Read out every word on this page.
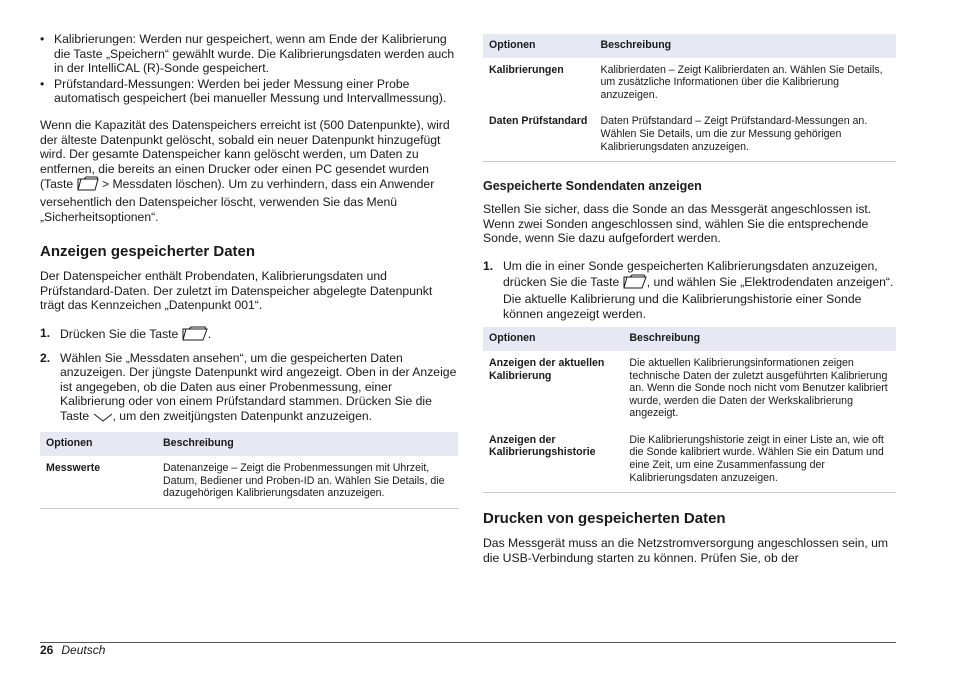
• Kalibrierungen: Werden nur gespeichert, wenn am Ende der Kalibrierung die Taste „Speichern“ gewählt wurde. Die Kalibrierungsdaten werden auch in der IntelliCAL (R)-Sonde gespeichert.
• Prüfstandard-Messungen: Werden bei jeder Messung einer Probe automatisch gespeichert (bei manueller Messung und Intervallmessung).

Wenn die Kapazität des Datenspeichers erreicht ist (500 Datenpunkte), wird der älteste Datenpunkt gelöscht, sobald ein neuer Datenpunkt hinzugefügt wird. Der gesamte Datenspeicher kann gelöscht werden, um Daten zu entfernen, die bereits an einen Drucker oder einen PC gesendet wurden (Taste > Messdaten löschen). Um zu verhindern, dass ein Anwender versehentlich den Datenspeicher löscht, verwenden Sie das Menü „Sicherheitsoptionen“.

Anzeigen gespeicherter Daten

Der Datenspeicher enthält Probendaten, Kalibrierungsdaten und Prüfstandard-Daten. Der zuletzt im Datenspeicher abgelegte Datenpunkt trägt das Kennzeichen „Datenpunkt 001“.

1. Drücken Sie die Taste .
2. Wählen Sie „Messdaten ansehen“, um die gespeicherten Daten anzuzeigen. Der jüngste Datenpunkt wird angezeigt. Oben in der Anzeige ist angegeben, ob die Daten aus einer Probenmessung, einer Kalibrierung oder von einem Prüfstandard stammen. Drücken Sie die Taste , um den zweitjüngsten Datenpunkt anzuzeigen.
Optionen	Beschreibung
Messwerte	Datenanzeige – Zeigt die Probenmessungen mit Uhrzeit, Datum, Bediener und Proben-ID an. Wählen Sie Details, die dazugehörigen Kalibrierungsdaten anzuzeigen.
Optionen	Beschreibung
Kalibrierungen	Kalibrierdaten – Zeigt Kalibrierdaten an. Wählen Sie Details, um zusätzliche Informationen über die Kalibrierung anzuzeigen.
Daten Prüfstandard	Daten Prüfstandard – Zeigt Prüfstandard-Messungen an. Wählen Sie Details, um die zur Messung gehörigen Kalibrierungsdaten anzuzeigen.
Gespeicherte Sondendaten anzeigen

Stellen Sie sicher, dass die Sonde an das Messgerät angeschlossen ist. Wenn zwei Sonden angeschlossen sind, wählen Sie die entsprechende Sonde, wenn Sie dazu aufgefordert werden.

1. Um die in einer Sonde gespeicherten Kalibrierungsdaten anzuzeigen, drücken Sie die Taste , und wählen Sie „Elektrodendaten anzeigen“. Die aktuelle Kalibrierung und die Kalibrierungshistorie einer Sonde können angezeigt werden.
Optionen	Beschreibung
Anzeigen der aktuellen Kalibrierung	Die aktuellen Kalibrierungsinformationen zeigen technische Daten der zuletzt ausgeführten Kalibrierung an. Wenn die Sonde noch nicht vom Benutzer kalibriert wurde, werden die Daten der Werkskalibrierung angezeigt.
Anzeigen der Kalibrierungshistorie	Die Kalibrierungshistorie zeigt in einer Liste an, wie oft die Sonde kalibriert wurde. Wählen Sie ein Datum und eine Zeit, um eine Zusammenfassung der Kalibrierungsdaten anzuzeigen.
Drucken von gespeicherten Daten

Das Messgerät muss an die Netzstromversorgung angeschlossen sein, um die USB-Verbindung starten zu können. Prüfen Sie, ob der

26 Deutsch
